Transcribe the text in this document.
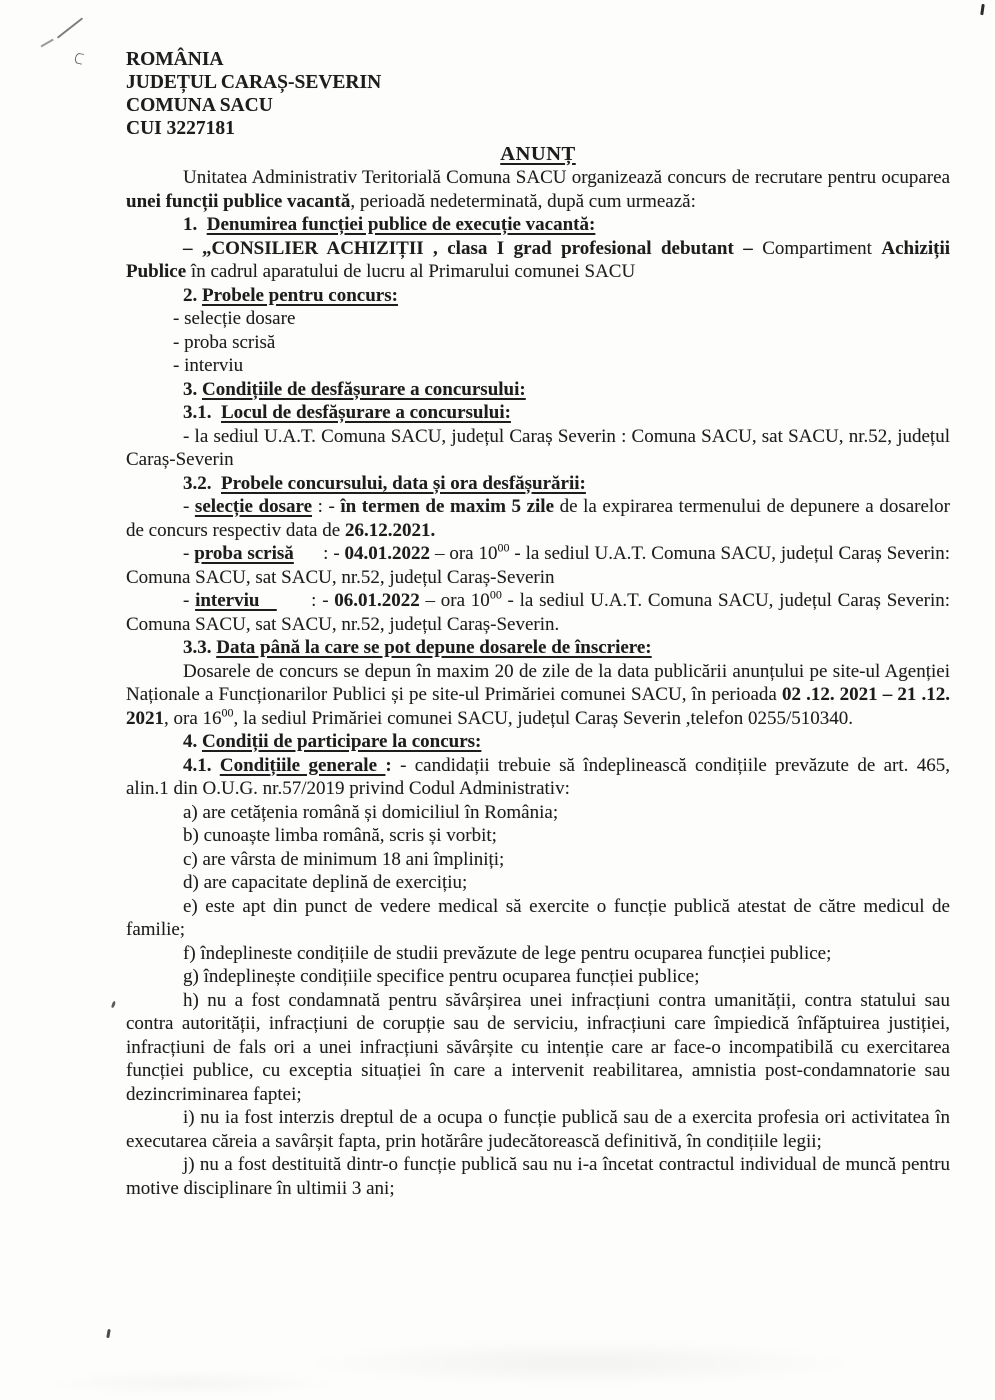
ROMÂNIA
JUDEȚUL CARAȘ-SEVERIN
COMUNA SACU
CUI 3227181
ANUNȚ

Unitatea Administrativ Teritorială Comuna SACU organizează concurs de recrutare pentru ocuparea unei funcții publice vacantă, perioadă nedeterminată, după cum urmează:

1.  Denumirea funcției publice de execuție vacantă:

– „CONSILIER ACHIZIȚII , clasa I grad profesional debutant – Compartiment Achiziții Publice în cadrul aparatului de lucru al Primarului comunei SACU

2. Probele pentru concurs:

- selecție dosare

- proba scrisă

- interviu

3. Condițiile de desfășurare a concursului:

3.1.  Locul de desfășurare a concursului:

- la sediul U.A.T. Comuna SACU, județul Caraș Severin : Comuna SACU, sat SACU, nr.52, județul Caraș-Severin

3.2.  Probele concursului, data și ora desfășurării:

- selecție dosare : - în termen de maxim 5 zile de la expirarea termenului de depunere a dosarelor de concurs respectiv data de 26.12.2021.

- proba scrisă      : - 04.01.2022 – ora $10^{00}$ - la sediul U.A.T. Comuna SACU, județul Caraș Severin: Comuna SACU, sat SACU, nr.52, județul Caraș-Severin

- interviu         : - 06.01.2022 – ora $10^{00}$ - la sediul U.A.T. Comuna SACU, județul Caraș Severin: Comuna SACU, sat SACU, nr.52, județul Caraș-Severin.

3.3. Data până la care se pot depune dosarele de înscriere:

Dosarele de concurs se depun în maxim 20 de zile de la data publicării anunțului pe site-ul Agenției Naționale a Funcționarilor Publici și pe site-ul Primăriei comunei SACU, în perioada 02 .12. 2021 – 21 .12. 2021, ora $16^{00}$, la sediul Primăriei comunei SACU, județul Caraș Severin ,telefon 0255/510340.

4. Condiții de participare la concurs:

4.1. Condițiile generale : - candidații trebuie să îndeplinească condițiile prevăzute de art. 465, alin.1 din O.U.G. nr.57/2019 privind Codul Administrativ:

a) are cetățenia română și domiciliul în România;

b) cunoaște limba română, scris și vorbit;

c) are vârsta de minimum 18 ani împliniți;

d) are capacitate deplină de exercițiu;

e) este apt din punct de vedere medical să exercite o funcție publică atestat de către medicul de familie;

f) îndeplineste condițiile de studii prevăzute de lege pentru ocuparea funcției publice;

g) îndeplinește condițiile specifice pentru ocuparea funcției publice;

h) nu a fost condamnată pentru săvârșirea unei infracțiuni contra umanității, contra statului sau contra autorității, infracțiuni de corupție sau de serviciu, infracțiuni care împiedică înfăptuirea justiției, infracțiuni de fals ori a unei infracțiuni săvârșite cu intenție care ar face-o incompatibilă cu exercitarea funcției publice, cu exceptia situației în care a intervenit reabilitarea, amnistia post-condamnatorie sau dezincriminarea faptei;

i) nu ia fost interzis dreptul de a ocupa o funcție publică sau de a exercita profesia ori activitatea în executarea căreia a savârșit fapta, prin hotărâre judecătorească definitivă, în condițiile legii;

j) nu a fost destituită dintr-o funcție publică sau nu i-a încetat contractul individual de muncă pentru motive disciplinare în ultimii 3 ani;
